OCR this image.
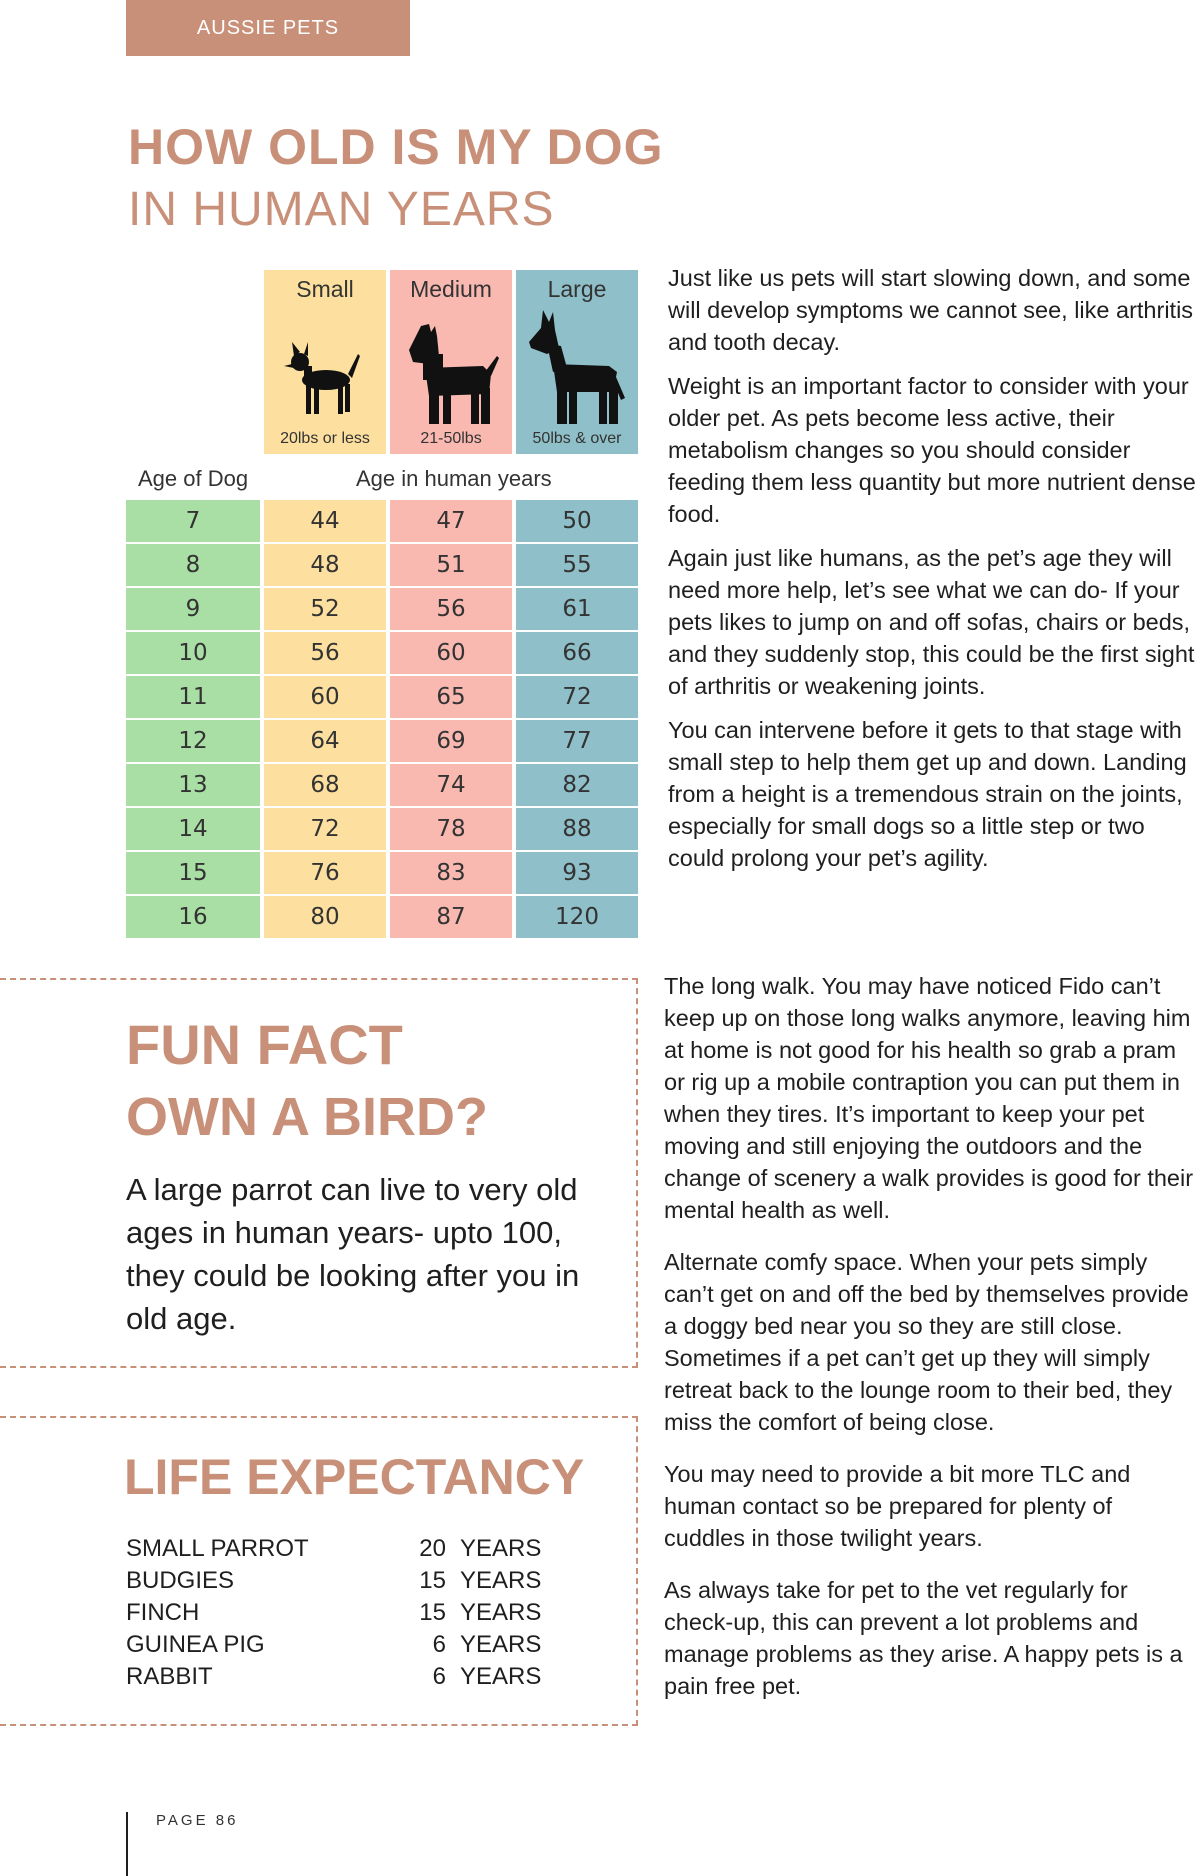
AUSSIE PETS
HOW OLD IS MY DOG
IN HUMAN YEARS
Small
20lbs or less
Medium
21-50lbs
Large
50lbs & over
Age of Dog	Age in human years
7	44	47	50
8	48	51	55
9	52	56	61
10	56	60	66
11	60	65	72
12	64	69	77
13	68	74	82
14	72	78	88
15	76	83	93
16	80	87	120

Just like us pets will start slowing down, and some will develop symptoms we cannot see, like arthritis and tooth decay.

Weight is an important factor to consider with your older pet. As pets become less active, their metabolism changes so you should consider feeding them less quantity but more nutrient dense food.

Again just like humans, as the pet’s age they will need more help, let’s see what we can do- If your pets likes to jump on and off sofas, chairs or beds, and they suddenly stop, this could be the first sight of arthritis or weakening joints.

You can intervene before it gets to that stage with small step to help them get up and down. Landing from a height is a tremendous strain on the joints, especially for small dogs so a little step or two could prolong your pet’s agility.

The long walk. You may have noticed Fido can’t keep up on those long walks anymore, leaving him at home is not good for his health so grab a pram or rig up a mobile contraption you can put them in when they tires. It’s important to keep your pet moving and still enjoying the outdoors and the change of scenery a walk provides is good for their mental health as well.

Alternate comfy space. When your pets simply can’t get on and off the bed by themselves provide a doggy bed near you so they are still close. Sometimes if a pet can’t get up they will simply retreat back to the lounge room to their bed, they miss the comfort of being close.

You may need to provide a bit more TLC and human contact so be prepared for plenty of cuddles in those twilight years.

As always take for pet to the vet regularly for check-up, this can prevent a lot problems and manage problems as they arise. A happy pets is a pain free pet.

FUN FACT
OWN A BIRD?

A large parrot can live to very old ages in human years- upto 100, they could be looking after you in old age.

LIFE EXPECTANCY
SMALL PARROT	20 YEARS
BUDGIES	15 YEARS
FINCH	15 YEARS
GUINEA PIG	6 YEARS
RABBIT	6 YEARS
PAGE 86
